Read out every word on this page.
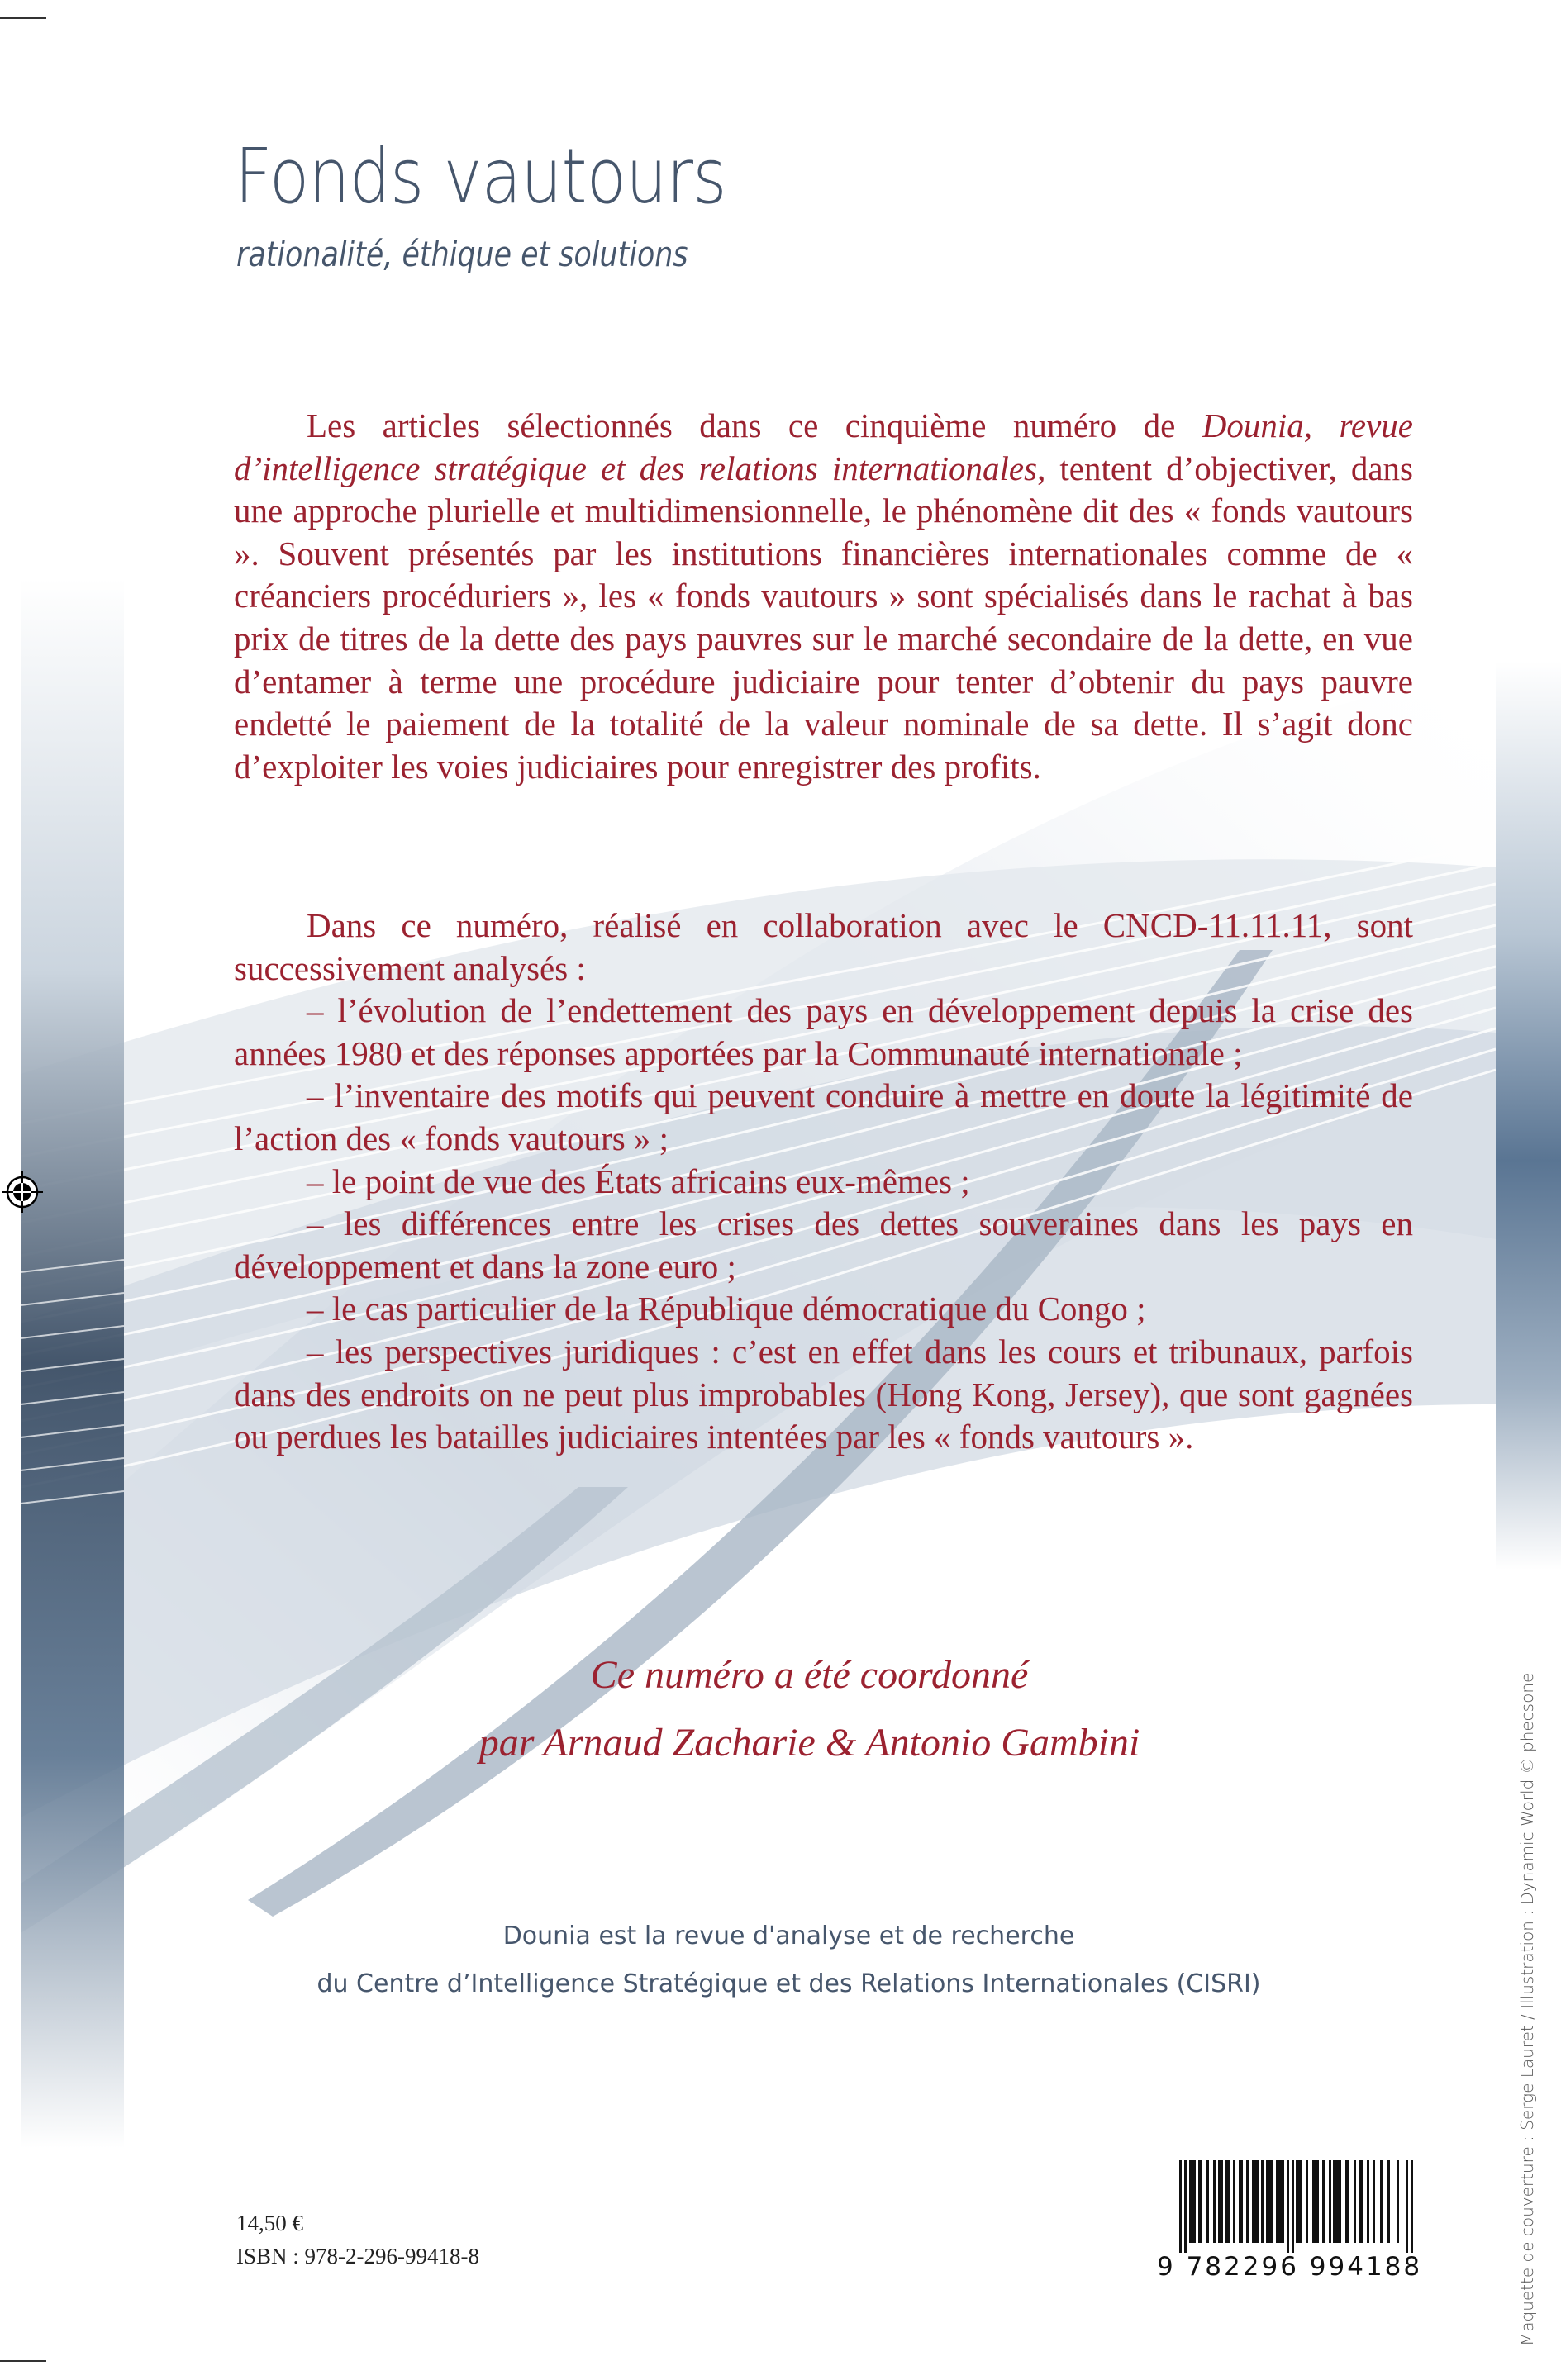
Fonds vautours
rationalité, éthique et solutions

Les articles sélectionnés dans ce cinquième numéro de Dounia, revue d’intelligence stratégique et des relations internationales, tentent d’objectiver, dans une approche plurielle et multidimensionnelle, le phénomène dit des « fonds vautours ». Souvent présentés par les institutions financières internationales comme de « créanciers procéduriers », les « fonds vautours » sont spécialisés dans le rachat à bas prix de titres de la dette des pays pauvres sur le marché secondaire de la dette, en vue d’entamer à terme une procédure judiciaire pour tenter d’obtenir du pays pauvre endetté le paiement de la totalité de la valeur nominale de sa dette. Il s’agit donc d’exploiter les voies judiciaires pour enregistrer des profits.

Dans ce numéro, réalisé en collaboration avec le CNCD-11.11.11, sont successivement analysés :

– l’évolution de l’endettement des pays en développement depuis la crise des années 1980 et des réponses apportées par la Communauté internationale ;

– l’inventaire des motifs qui peuvent conduire à mettre en doute la légitimité de l’action des « fonds vautours » ;

– le point de vue des États africains eux-mêmes ;

– les différences entre les crises des dettes souveraines dans les pays en développement et dans la zone euro ;

– le cas particulier de la République démocratique du Congo ;

– les perspectives juridiques : c’est en effet dans les cours et tribunaux, parfois dans des endroits on ne peut plus improbables (Hong Kong, Jersey), que sont gagnées ou perdues les batailles judiciaires intentées par les « fonds vautours ».

Ce numéro a été coordonné
par Arnaud Zacharie & Antonio Gambini
Dounia est la revue d'analyse et de recherche
du Centre d’Intelligence Stratégique et des Relations Internationales (CISRI)
14,50 €
ISBN : 978-2-296-99418-8	9 782296 994188	Maquette de couverture : Serge Lauret / Illustration : Dynamic World © phecsone
